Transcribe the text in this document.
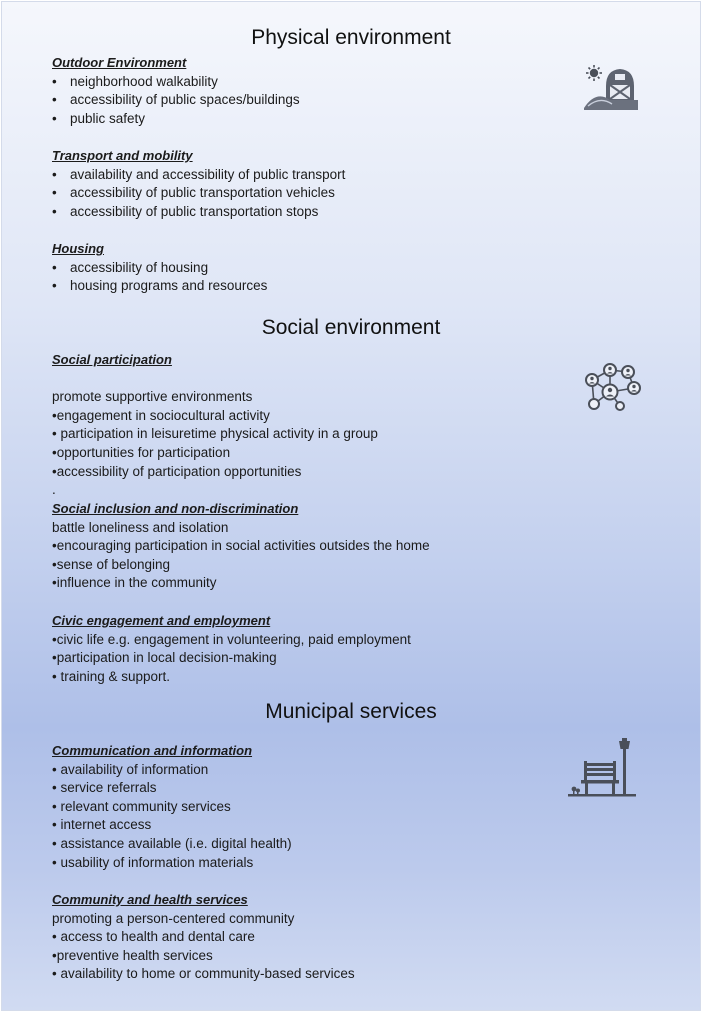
Physical environment
Outdoor Environment
• neighborhood walkability
• accessibility of public spaces/buildings
• public safety
Transport and mobility
• availability and accessibility of public transport
• accessibility of public transportation vehicles
• accessibility of public transportation stops
Housing
• accessibility of housing
• housing programs and resources
Social environment
Social participation
promote supportive environments
•engagement in sociocultural activity
• participation in leisuretime physical activity in a group
•opportunities for participation
•accessibility of participation opportunities
.
Social inclusion and non-discrimination
battle loneliness and isolation
•encouraging participation in social activities outsides the home
•sense of belonging
•influence in the community
Civic engagement and employment
•civic life e.g. engagement in volunteering, paid employment
•participation in local decision-making
• training & support.
Municipal services
Communication and information
• availability of information
• service referrals
• relevant community services
• internet access
• assistance available (i.e. digital health)
• usability of information materials
Community and health services
promoting a person-centered community
• access to health and dental care
•preventive health services
• availability to home or community-based services
